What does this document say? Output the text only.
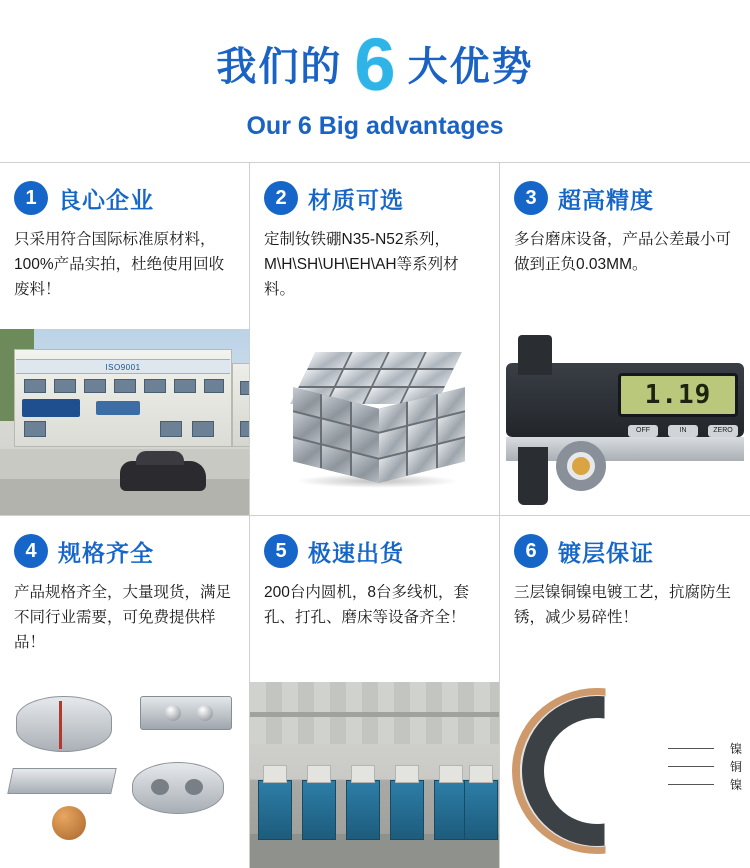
我们的 6 大优势
Our 6 Big advantages
1 良心企业
只采用符合国际标准原材料，100%产品实拍，杜绝使用回收废料！
ISO9001
2 材质可选
定制钕铁硼N35-N52系列，M\H\SH\UH\EH\AH等系列材料。
3 超高精度
多台磨床设备，产品公差最小可做到正负0.03MM。
1.19
OFF	IN	ZERO
4 规格齐全
产品规格齐全，大量现货，满足不同行业需要，可免费提供样品！
5 极速出货
200台内圆机，8台多线机，套孔、打孔、磨床等设备齐全！
6 镀层保证
三层镍铜镍电镀工艺，抗腐防生锈，减少易碎性！
镍
铜
镍
